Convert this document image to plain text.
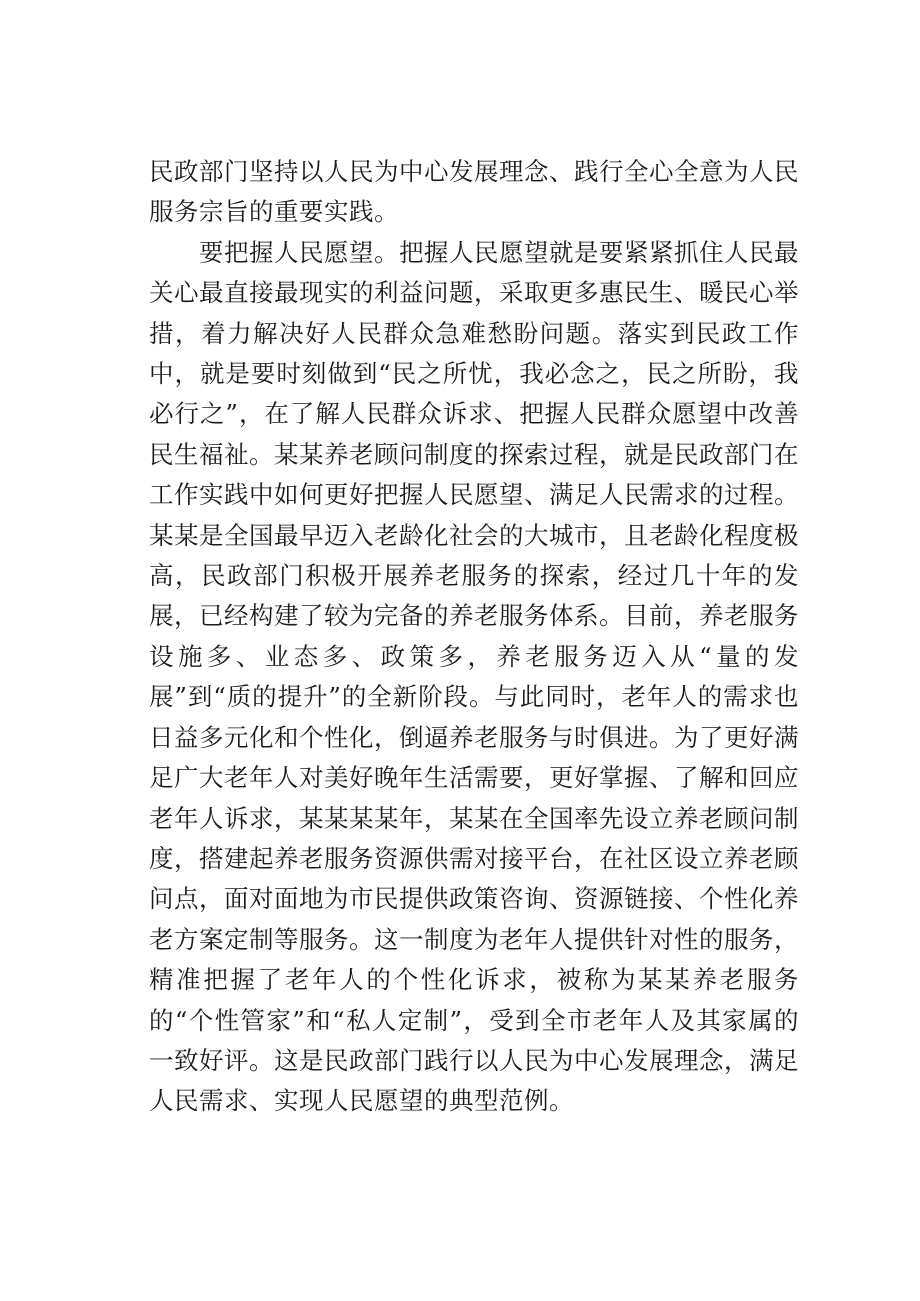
民政部门坚持以人民为中心发展理念、践行全心全意为人民服务宗旨的重要实践。

要把握人民愿望。把握人民愿望就是要紧紧抓住人民最关心最直接最现实的利益问题，采取更多惠民生、暖民心举措，着力解决好人民群众急难愁盼问题。落实到民政工作中，就是要时刻做到“民之所忧，我必念之，民之所盼，我必行之”，在了解人民群众诉求、把握人民群众愿望中改善民生福祉。某某养老顾问制度的探索过程，就是民政部门在工作实践中如何更好把握人民愿望、满足人民需求的过程。某某是全国最早迈入老龄化社会的大城市，且老龄化程度极高，民政部门积极开展养老服务的探索，经过几十年的发展，已经构建了较为完备的养老服务体系。目前，养老服务设施多、业态多、政策多，养老服务迈入从“量的发展”到“质的提升”的全新阶段。与此同时，老年人的需求也日益多元化和个性化，倒逼养老服务与时俱进。为了更好满足广大老年人对美好晚年生活需要，更好掌握、了解和回应老年人诉求，某某某某年，某某在全国率先设立养老顾问制度，搭建起养老服务资源供需对接平台，在社区设立养老顾问点，面对面地为市民提供政策咨询、资源链接、个性化养老方案定制等服务。这一制度为老年人提供针对性的服务，精准把握了老年人的个性化诉求，被称为某某养老服务的“个性管家”和“私人定制”，受到全市老年人及其家属的一致好评。这是民政部门践行以人民为中心发展理念，满足人民需求、实现人民愿望的典型范例。
